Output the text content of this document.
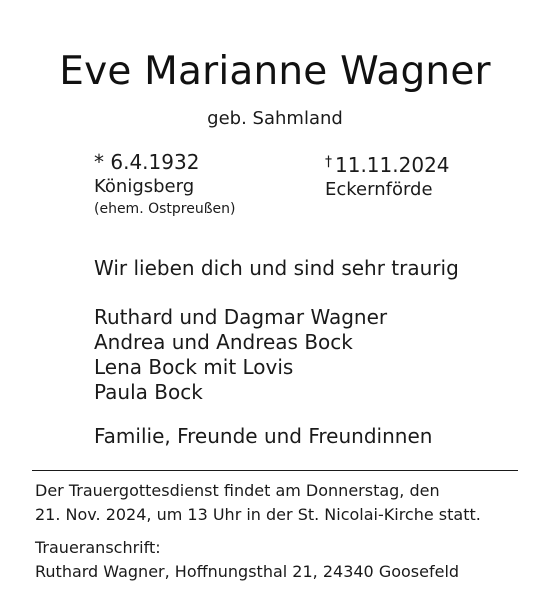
Eve Marianne Wagner
geb. Sahmland
* 6.4.1932
Königsberg
(ehem. Ostpreußen)
† 11.11.2024
Eckernförde
Wir lieben dich und sind sehr traurig
Ruthard und Dagmar Wagner
Andrea und Andreas Bock
Lena Bock mit Lovis
Paula Bock
Familie, Freunde und Freundinnen
Der Trauergottesdienst findet am Donnerstag, den
21. Nov. 2024, um 13 Uhr in der St. Nicolai-Kirche statt.
Traueranschrift:
Ruthard Wagner, Hoffnungsthal 21, 24340 Goosefeld
